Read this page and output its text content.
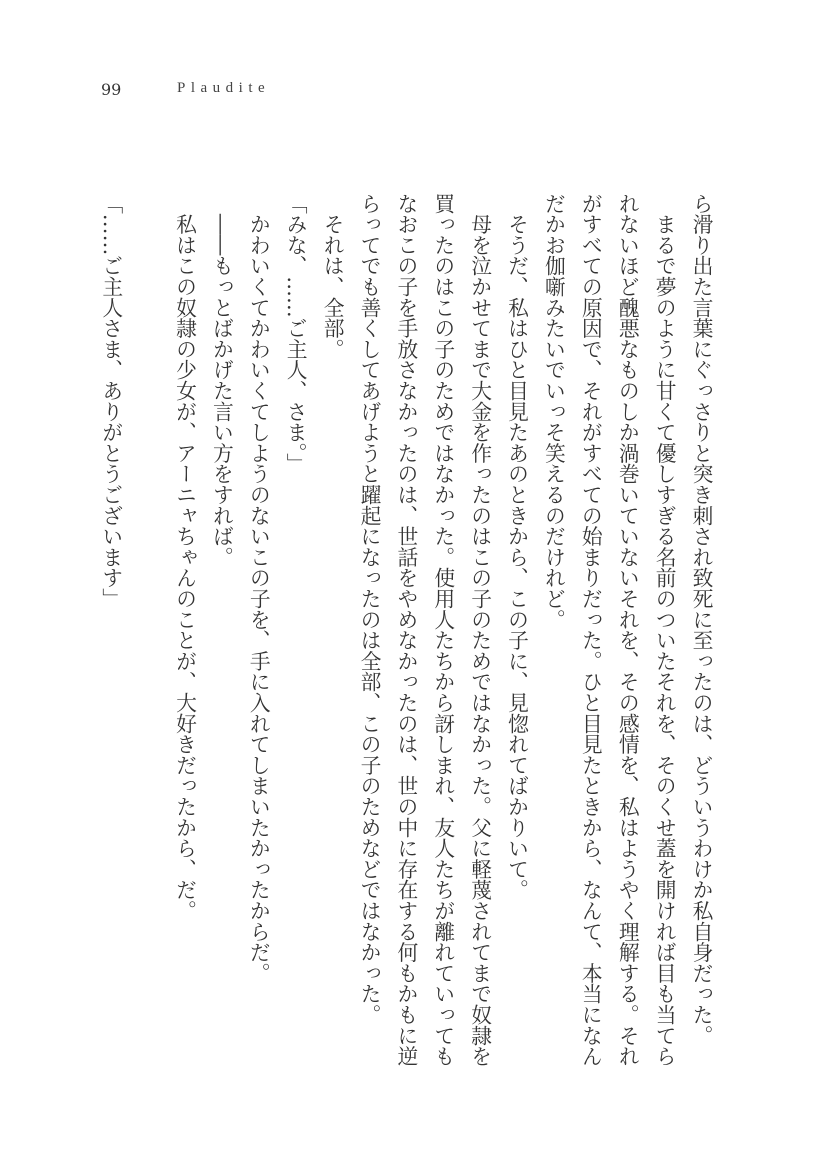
99	Plaudite
ら滑り出た言葉にぐっさりと突き刺され致死に至ったのは、どういうわけか私自身だった。
　まるで夢のように甘くて優しすぎる名前のついたそれを、そのくせ蓋を開ければ目も当てら
れないほど醜悪なものしか渦巻いていないそれを、その感情を、私はようやく理解する。それ
がすべての原因で、それがすべての始まりだった。ひと目見たときから、なんて、本当になん
だかお伽噺みたいでいっそ笑えるのだけれど。
　そうだ、私はひと目見たあのときから、この子に、見惚れてばかりいて。
　母を泣かせてまで大金を作ったのはこの子のためではなかった。父に軽蔑されてまで奴隷を
買ったのはこの子のためではなかった。使用人たちから訝しまれ、友人たちが離れていっても
なおこの子を手放さなかったのは、世話をやめなかったのは、世の中に存在する何もかもに逆
らってでも善くしてあげようと躍起になったのは全部、この子のためなどではなかった。
　それは、全部。
「みな、……ご主人、さま。」
　かわいくてかわいくてしようのないこの子を、手に入れてしまいたかったからだ。
　――もっとばかげた言い方をすれば。
　私はこの奴隷の少女が、アーニャちゃんのことが、大好きだったから、だ。
「……ご主人さま、ありがとうございます」
